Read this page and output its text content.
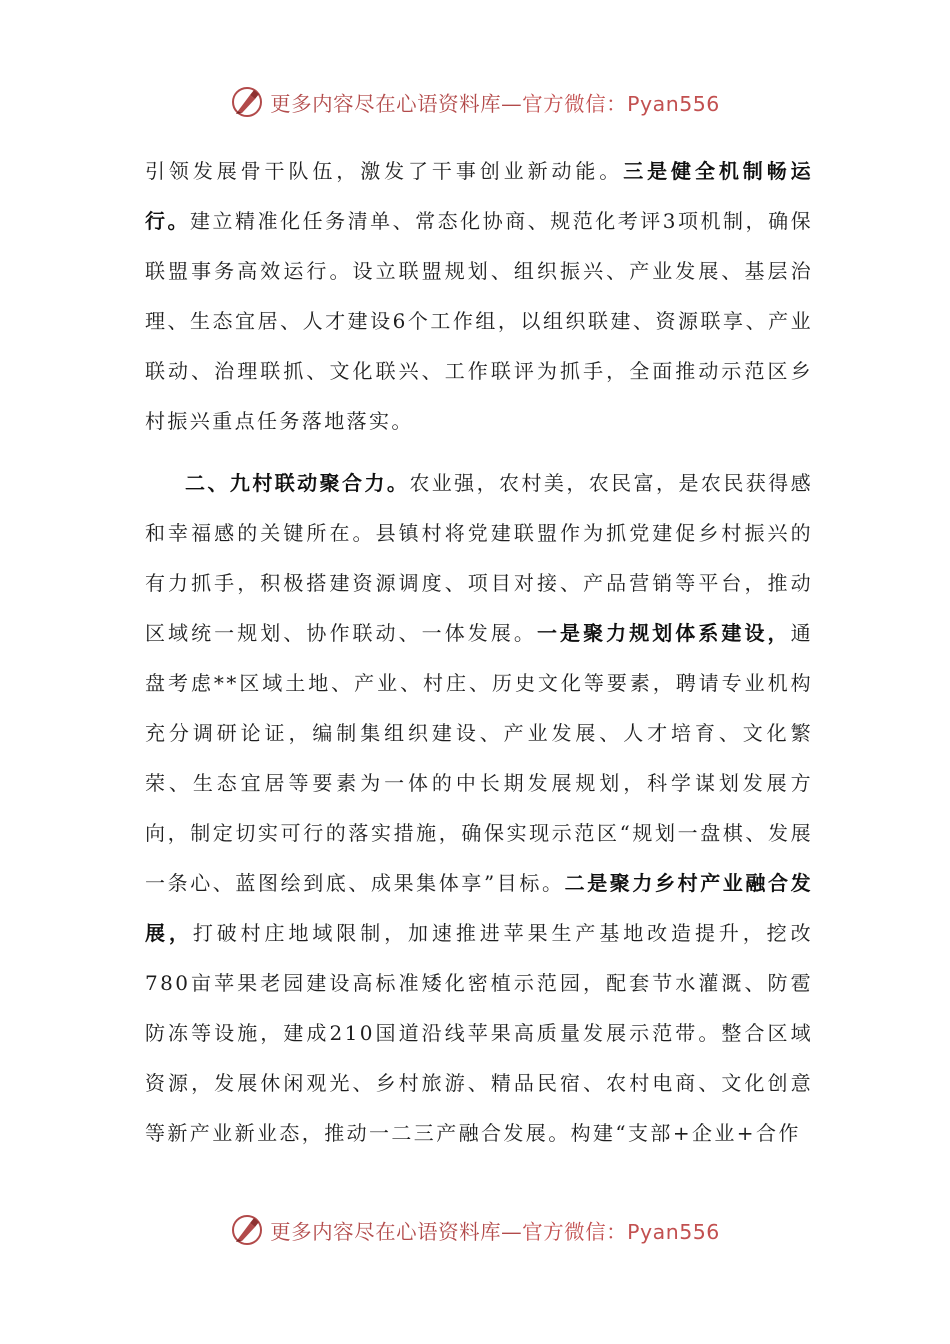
更多内容尽在心语资料库—官方微信：Pyan556

引领发展骨干队伍，激发了干事创业新动能。三是健全机制畅运行。建立精准化任务清单、常态化协商、规范化考评3项机制，确保联盟事务高效运行。设立联盟规划、组织振兴、产业发展、基层治理、生态宜居、人才建设6个工作组，以组织联建、资源联享、产业联动、治理联抓、文化联兴、工作联评为抓手，全面推动示范区乡村振兴重点任务落地落实。

二、九村联动聚合力。农业强，农村美，农民富，是农民获得感和幸福感的关键所在。县镇村将党建联盟作为抓党建促乡村振兴的有力抓手，积极搭建资源调度、项目对接、产品营销等平台，推动区域统一规划、协作联动、一体发展。一是聚力规划体系建设，通盘考虑**区域土地、产业、村庄、历史文化等要素，聘请专业机构充分调研论证，编制集组织建设、产业发展、人才培育、文化繁荣、生态宜居等要素为一体的中长期发展规划，科学谋划发展方向，制定切实可行的落实措施，确保实现示范区“规划一盘棋、发展一条心、蓝图绘到底、成果集体享”目标。二是聚力乡村产业融合发展，打破村庄地域限制，加速推进苹果生产基地改造提升，挖改780亩苹果老园建设高标准矮化密植示范园，配套节水灌溉、防雹防冻等设施，建成210国道沿线苹果高质量发展示范带。整合区域资源，发展休闲观光、乡村旅游、精品民宿、农村电商、文化创意等新产业新业态，推动一二三产融合发展。构建“支部+企业+合作

更多内容尽在心语资料库—官方微信：Pyan556
